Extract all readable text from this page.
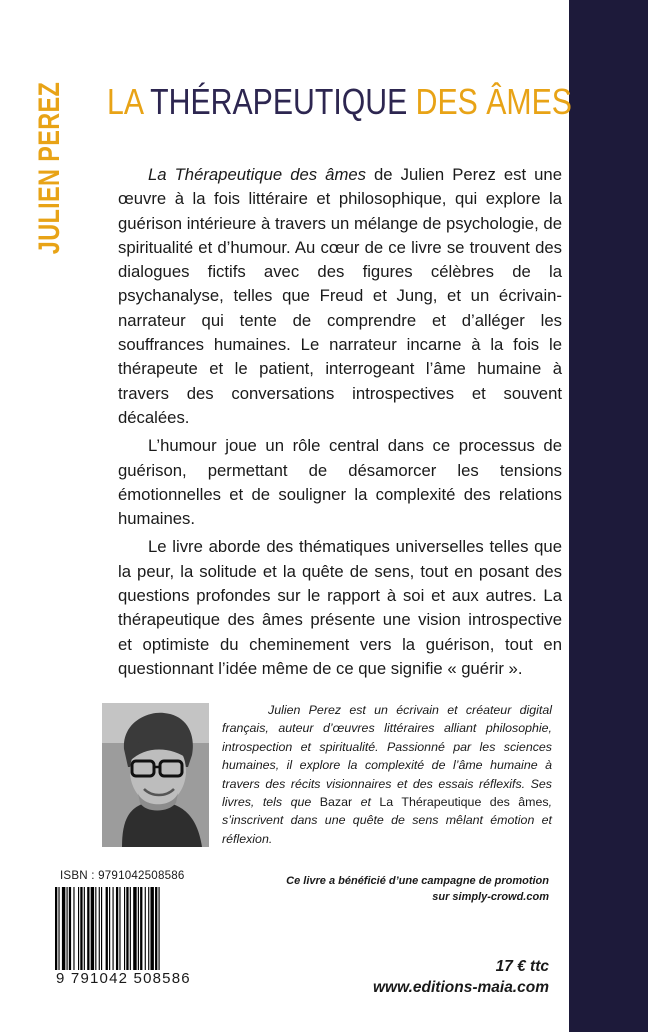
JULIEN PEREZ LA THÉRAPEUTIQUE DES ÂMES

La Thérapeutique des âmes de Julien Perez est une œuvre à la fois littéraire et philosophique, qui explore la guérison intérieure à travers un mélange de psychologie, de spiritualité et d’humour. Au cœur de ce livre se trouvent des dialogues fictifs avec des figures célèbres de la psychanalyse, telles que Freud et Jung, et un écrivain-narrateur qui tente de comprendre et d’alléger les souffrances humaines. Le narrateur incarne à la fois le thérapeute et le patient, interrogeant l’âme humaine à travers des conversations introspectives et souvent décalées.

L’humour joue un rôle central dans ce processus de guérison, permettant de désamorcer les tensions émotionnelles et de souligner la complexité des relations humaines.

Le livre aborde des thématiques universelles telles que la peur, la solitude et la quête de sens, tout en posant des questions profondes sur le rapport à soi et aux autres. La thérapeutique des âmes présente une vision introspective et optimiste du cheminement vers la guérison, tout en questionnant l’idée même de ce que signifie « guérir ».

Julien Perez est un écrivain et créateur digital français, auteur d’œuvres littéraires alliant philosophie, introspection et spiritualité. Passionné par les sciences humaines, il explore la complexité de l’âme humaine à travers des récits visionnaires et des essais réflexifs. Ses livres, tels que Bazar et La Thérapeutique des âmes, s’inscrivent dans une quête de sens mêlant émotion et réflexion.
ISBN : 9791042508586
9 791042 508586
Ce livre a bénéficié d’une campagne de promotion
sur simply-crowd.com
17 € ttc
www.editions-maia.com
